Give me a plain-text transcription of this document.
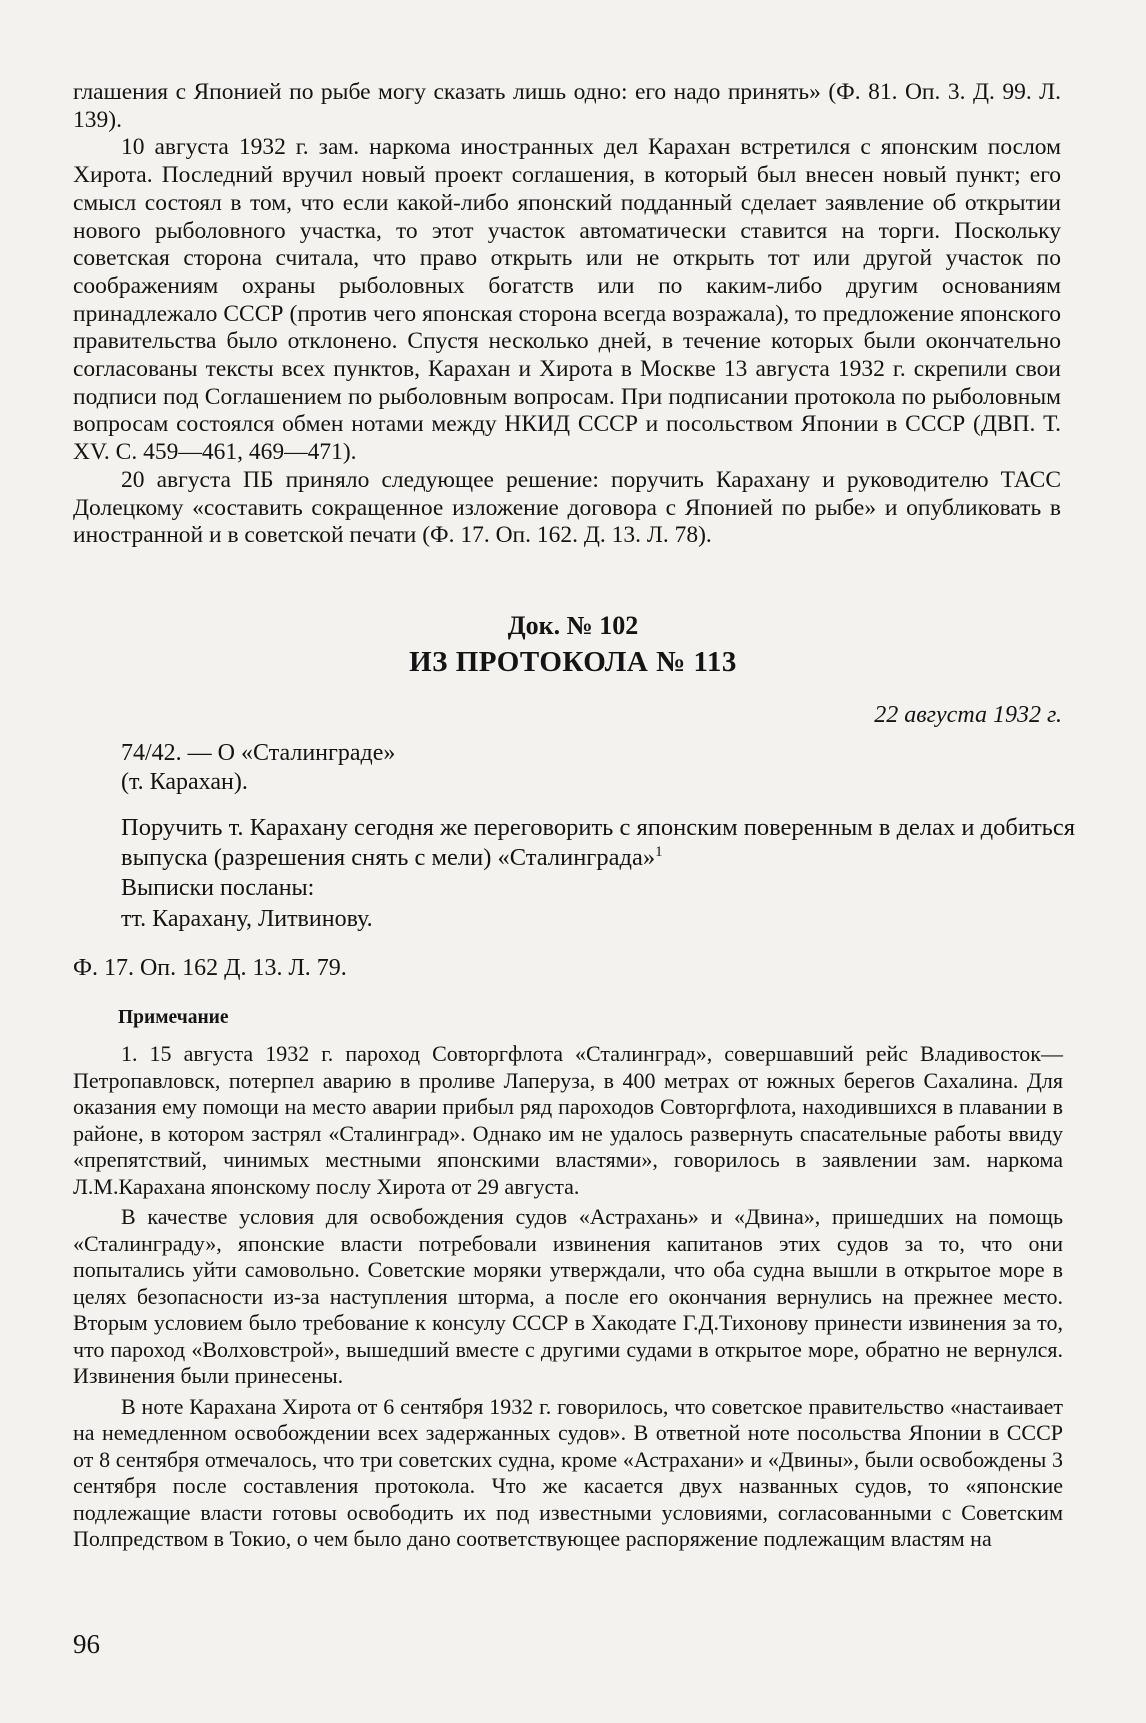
глашения с Японией по рыбе могу сказать лишь одно: его надо принять» (Ф. 81. Оп. 3. Д. 99. Л. 139).

10 августа 1932 г. зам. наркома иностранных дел Карахан встретился с японским послом Хирота. Последний вручил новый проект соглашения, в который был внесен новый пункт; его смысл состоял в том, что если какой-либо японский подданный сделает заявление об открытии нового рыболовного участка, то этот участок автоматически ставится на торги. Поскольку советская сторона считала, что право открыть или не открыть тот или другой участок по соображениям охраны рыболовных богатств или по каким-либо другим основаниям принадлежало СССР (против чего японская сторона всегда возражала), то предложение японского правительства было отклонено. Спустя несколько дней, в течение которых были окончательно согласованы тексты всех пунктов, Карахан и Хирота в Москве 13 августа 1932 г. скрепили свои подписи под Соглашением по рыболовным вопросам. При подписании протокола по рыболовным вопросам состоялся обмен нотами между НКИД СССР и посольством Японии в СССР (ДВП. Т. XV. С. 459—461, 469—471).

20 августа ПБ приняло следующее решение: поручить Карахану и руководителю ТАСС Долецкому «составить сокращенное изложение договора с Японией по рыбе» и опубликовать в иностранной и в советской печати (Ф. 17. Оп. 162. Д. 13. Л. 78).

Док. № 102
ИЗ ПРОТОКОЛА № 113
22 августа 1932 г.
74/42. — О «Сталинграде»
(т. Карахан).
Поручить т. Карахану сегодня же переговорить с японским поверенным в делах и добиться выпуска (разрешения снять с мели) «Сталинграда»$^1$
Выписки посланы:
тт. Карахану, Литвинову.
Ф. 17. Оп. 162 Д. 13. Л. 79.
Примечание

1. 15 августа 1932 г. пароход Совторгфлота «Сталинград», совершавший рейс Владивосток—Петропавловск, потерпел аварию в проливе Лаперуза, в 400 метрах от южных берегов Сахалина. Для оказания ему помощи на место аварии прибыл ряд пароходов Совторгфлота, находившихся в плавании в районе, в котором застрял «Сталинград». Однако им не удалось развернуть спасательные работы ввиду «препятствий, чинимых местными японскими властями», говорилось в заявлении зам. наркома Л.М.Карахана японскому послу Хирота от 29 августа.

В качестве условия для освобождения судов «Астрахань» и «Двина», пришедших на помощь «Сталинграду», японские власти потребовали извинения капитанов этих судов за то, что они попытались уйти самовольно. Советские моряки утверждали, что оба судна вышли в открытое море в целях безопасности из-за наступления шторма, а после его окончания вернулись на прежнее место. Вторым условием было требование к консулу СССР в Хакодате Г.Д.Тихонову принести извинения за то, что пароход «Волховстрой», вышедший вместе с другими судами в открытое море, обратно не вернулся. Извинения были принесены.

В ноте Карахана Хирота от 6 сентября 1932 г. говорилось, что советское правительство «настаивает на немедленном освобождении всех задержанных судов». В ответной ноте посольства Японии в СССР от 8 сентября отмечалось, что три советских судна, кроме «Астрахани» и «Двины», были освобождены 3 сентября после составления протокола. Что же касается двух названных судов, то «японские подлежащие власти готовы освободить их под известными условиями, согласованными с Советским Полпредством в Токио, о чем было дано соответствующее распоряжение подлежащим властям на

96
